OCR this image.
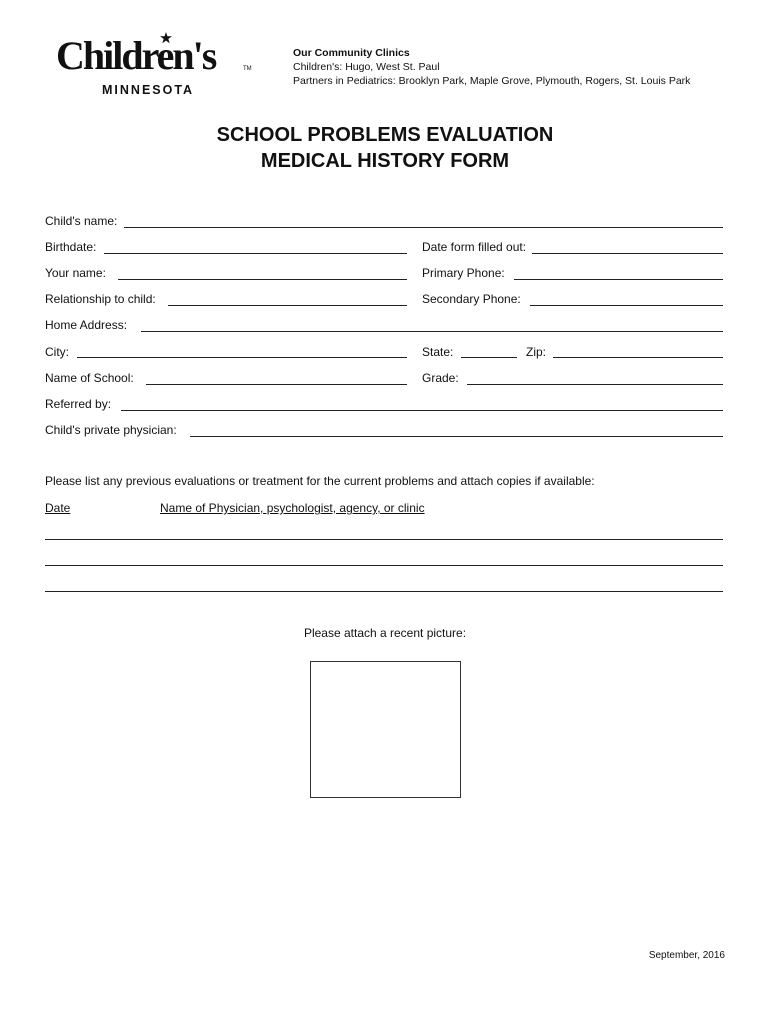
Children's	TM
MINNESOTA
Our Community Clinics
Children's: Hugo, West St. Paul
Partners in Pediatrics: Brooklyn Park, Maple Grove, Plymouth, Rogers, St. Louis Park
SCHOOL PROBLEMS EVALUATION
MEDICAL HISTORY FORM
Child's name:
Birthdate:	Date form filled out:
Your name:	Primary Phone:
Relationship to child:	Secondary Phone:
Home Address:
City:	State:	Zip:
Name of School:	Grade:
Referred by:
Child's private physician:
Please list any previous evaluations or treatment for the current problems and attach copies if available:
Date	Name of Physician, psychologist, agency, or clinic
Please attach a recent picture:
September, 2016
